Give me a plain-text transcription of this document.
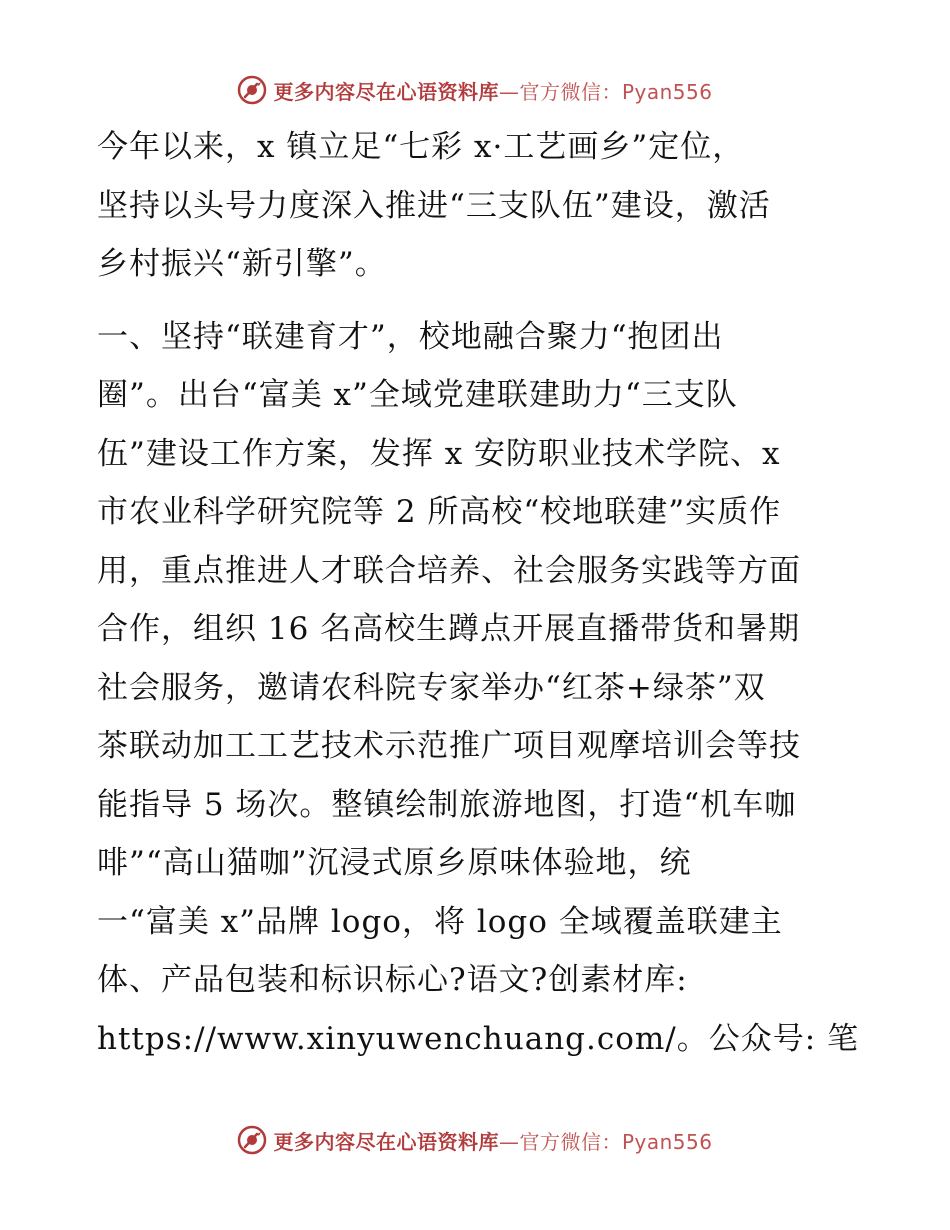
更多内容尽在心语资料库—官方微信：Pyan556

今年以来，x 镇立足“七彩 x·工艺画乡”定位，
坚持以头号力度深入推进“三支队伍”建设，激活
乡村振兴“新引擎”。

一、坚持“联建育才”，校地融合聚力“抱团出
圈”。出台“富美 x”全域党建联建助力“三支队
伍”建设工作方案，发挥 x 安防职业技术学院、x
市农业科学研究院等 2 所高校“校地联建”实质作
用，重点推进人才联合培养、社会服务实践等方面
合作，组织 16 名高校生蹲点开展直播带货和暑期
社会服务，邀请农科院专家举办“红茶+绿茶”双
茶联动加工工艺技术示范推广项目观摩培训会等技
能指导 5 场次。整镇绘制旅游地图，打造“机车咖
啡”“高山猫咖”沉浸式原乡原味体验地，统
一“富美 x”品牌 logo，将 logo 全域覆盖联建主
体、产品包装和标识标心?语文?创素材库:
https://www.xinyuwenchuang.com/。公众号: 笔

更多内容尽在心语资料库—官方微信：Pyan556
